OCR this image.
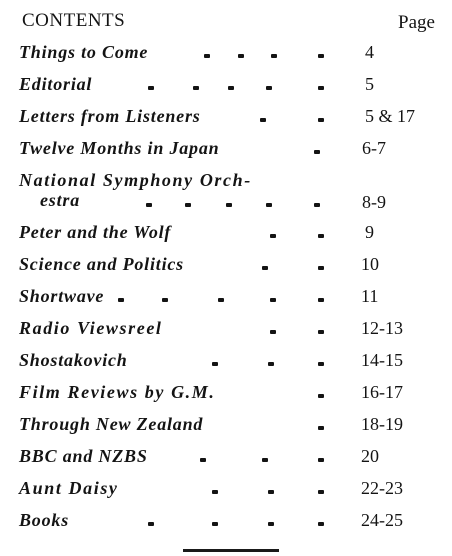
CONTENTS	Page
Things to Come	4
Editorial	5
Letters from Listeners	5 & 17
Twelve Months in Japan	6-7
National Symphony Orch-
estra	8-9
Peter and the Wolf	9
Science and Politics	10
Shortwave	11
Radio Viewsreel	12-13
Shostakovich	14-15
Film Reviews by G.M.	16-17
Through New Zealand	18-19
BBC and NZBS	20
Aunt Daisy	22-23
Books	24-25
